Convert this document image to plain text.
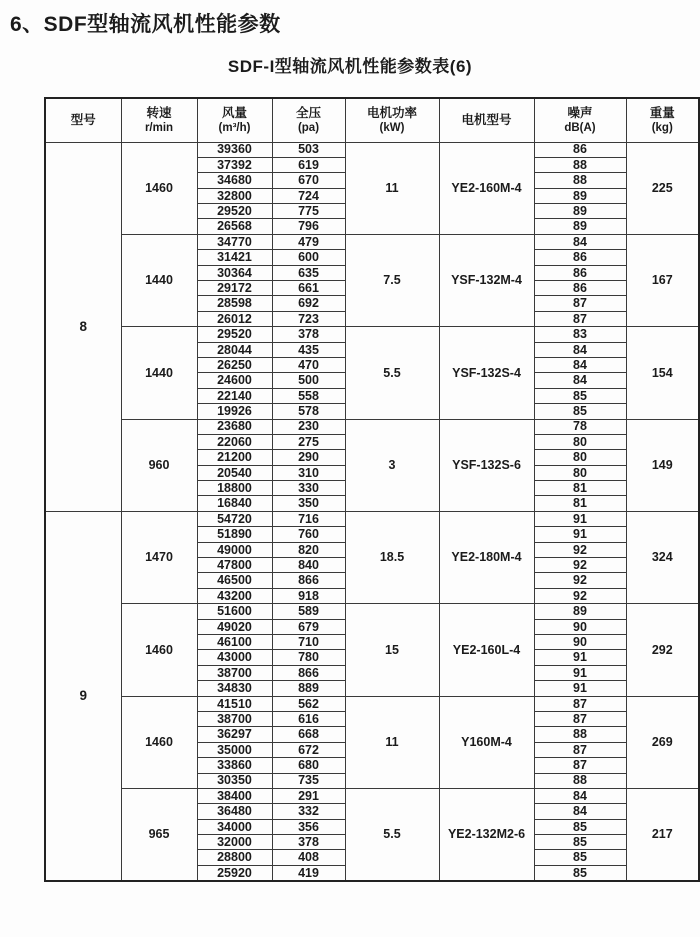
6、SDF型轴流风机性能参数
SDF-I型轴流风机性能参数表(6)
型号

转速
r/min

风量
(m³/h)

全压
(pa)

电机功率
(kW)

电机型号

噪声
dB(A)

重量
(kg)

8	1460	39360	503	11	YE2-160M-4	86	225
		37392	619			88	
		34680	670			88	
		32800	724			89	
		29520	775			89	
		26568	796			89	
	1440	34770	479	7.5	YSF-132M-4	84	167
		31421	600			86	
		30364	635			86	
		29172	661			86	
		28598	692			87	
		26012	723			87	
	1440	29520	378	5.5	YSF-132S-4	83	154
		28044	435			84	
		26250	470			84	
		24600	500			84	
		22140	558			85	
		19926	578			85	
	960	23680	230	3	YSF-132S-6	78	149
		22060	275			80	
		21200	290			80	
		20540	310			80	
		18800	330			81	
		16840	350			81	
9	1470	54720	716	18.5	YE2-180M-4	91	324
		51890	760			91	
		49000	820			92	
		47800	840			92	
		46500	866			92	
		43200	918			92	
	1460	51600	589	15	YE2-160L-4	89	292
		49020	679			90	
		46100	710			90	
		43000	780			91	
		38700	866			91	
		34830	889			91	
	1460	41510	562	11	Y160M-4	87	269
		38700	616			87	
		36297	668			88	
		35000	672			87	
		33860	680			87	
		30350	735			88	
	965	38400	291	5.5	YE2-132M2-6	84	217
		36480	332			84	
		34000	356			85	
		32000	378			85	
		28800	408			85	
		25920	419			85	
